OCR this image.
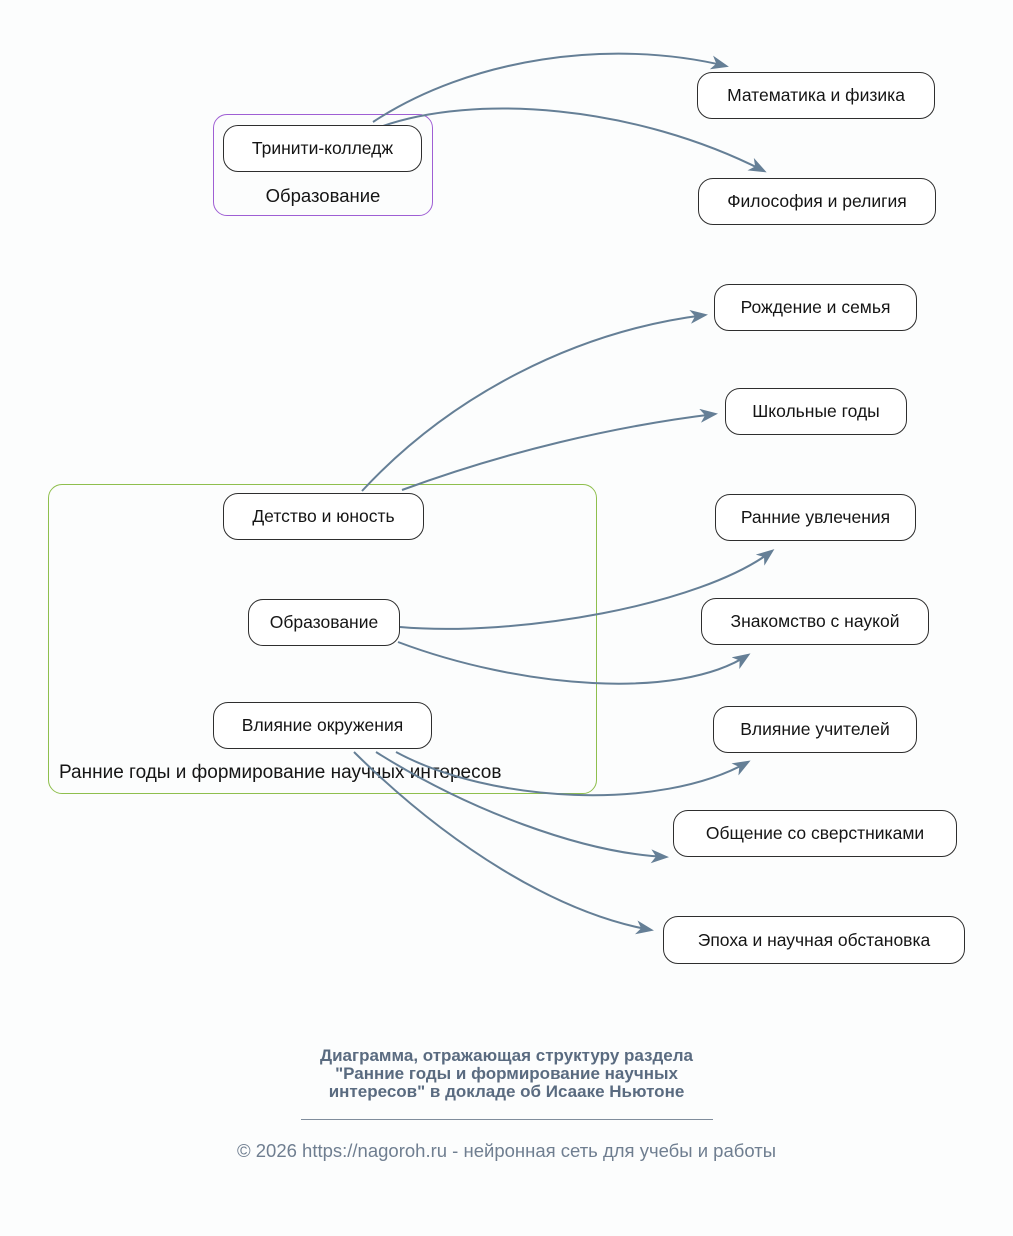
Образование
Тринити-колледж
Ранние годы и формирование научных интересов
Детство и юность
Образование
Влияние окружения
Математика и физика
Философия и религия
Рождение и семья
Школьные годы
Ранние увлечения
Знакомство с наукой
Влияние учителей
Общение со сверстниками
Эпоха и научная обстановка
Диаграмма, отражающая структуру раздела
"Ранние годы и формирование научных
интересов" в докладе об Исааке Ньютоне
© 2026 https://nagoroh.ru - нейронная сеть для учебы и работы
